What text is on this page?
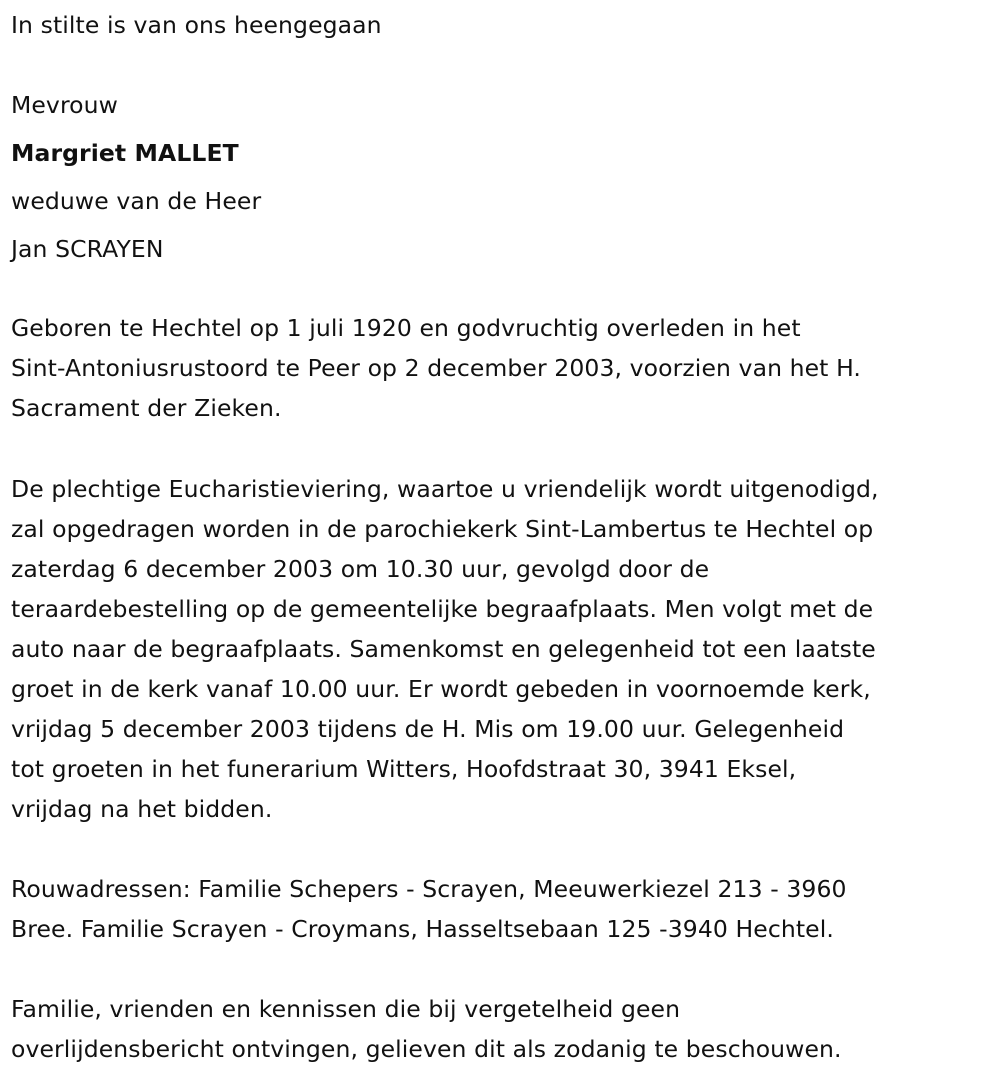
In stilte is van ons heengegaan
Mevrouw
Margriet MALLET
weduwe van de Heer
Jan SCRAYEN
Geboren te Hechtel op 1 juli 1920 en godvruchtig overleden in het
Sint-Antoniusrustoord te Peer op 2 december 2003, voorzien van het H.
Sacrament der Zieken.
De plechtige Eucharistieviering, waartoe u vriendelijk wordt uitgenodigd,
zal opgedragen worden in de parochiekerk Sint-Lambertus te Hechtel op
zaterdag 6 december 2003 om 10.30 uur, gevolgd door de
teraardebestelling op de gemeentelijke begraafplaats. Men volgt met de
auto naar de begraafplaats. Samenkomst en gelegenheid tot een laatste
groet in de kerk vanaf 10.00 uur. Er wordt gebeden in voornoemde kerk,
vrijdag 5 december 2003 tijdens de H. Mis om 19.00 uur. Gelegenheid
tot groeten in het funerarium Witters, Hoofdstraat 30, 3941 Eksel,
vrijdag na het bidden.
Rouwadressen: Familie Schepers - Scrayen, Meeuwerkiezel 213 - 3960
Bree. Familie Scrayen - Croymans, Hasseltsebaan 125 -3940 Hechtel.
Familie, vrienden en kennissen die bij vergetelheid geen
overlijdensbericht ontvingen, gelieven dit als zodanig te beschouwen.
